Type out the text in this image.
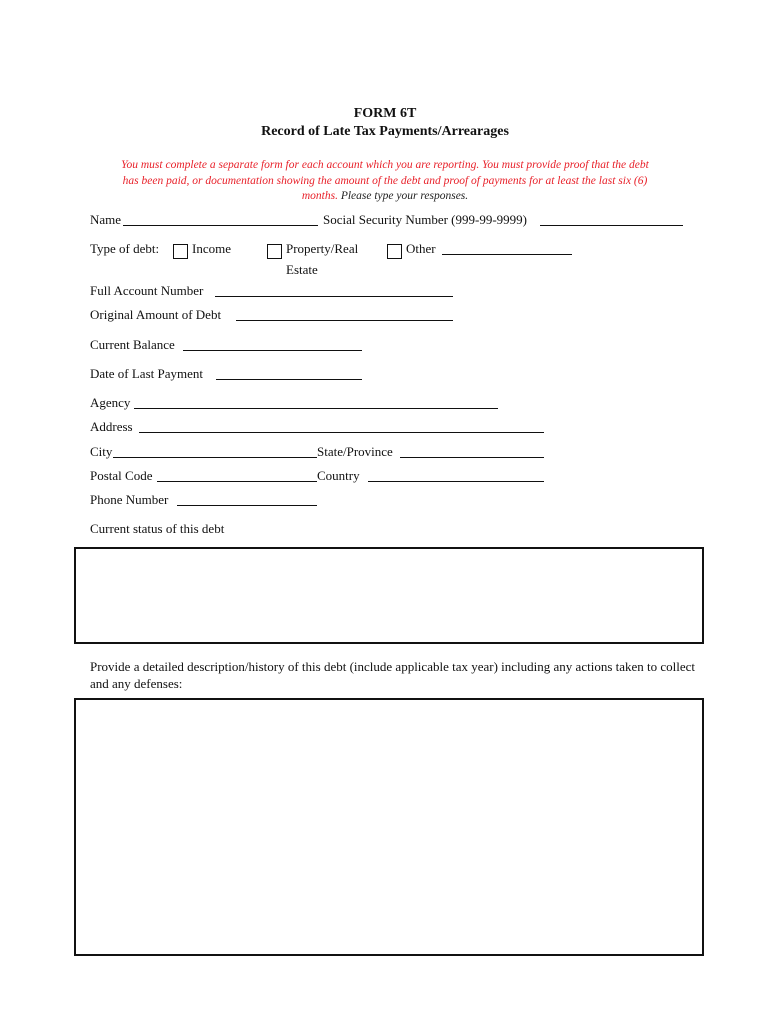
FORM 6T
Record of Late Tax Payments/Arrearages
You must complete a separate form for each account which you are reporting. You must provide proof that the debt has been paid, or documentation showing the amount of the debt and proof of payments for at least the last six (6) months. Please type your responses.
Name	Social Security Number (999-99-9999)
Type of debt:	Income	Property/Real
Estate
Other
Full Account Number
Original Amount of Debt
Current Balance
Date of Last Payment
Agency
Address
City	State/Province
Postal Code	Country
Phone Number
Current status of this debt
Provide a detailed description/history of this debt (include applicable tax year) including any actions taken to collect and any defenses:
